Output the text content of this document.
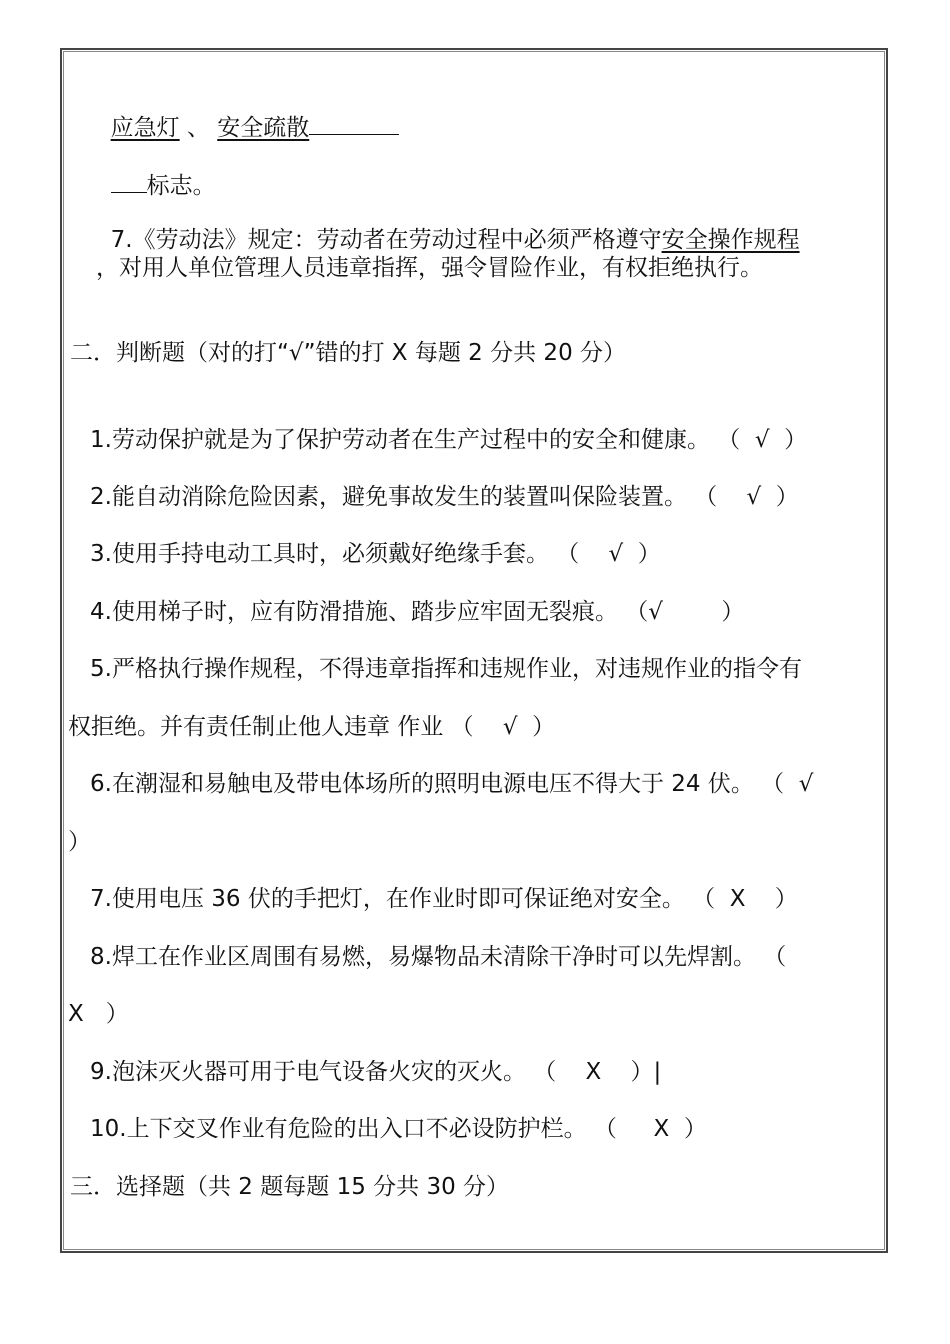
应急灯 、 安全疏散

标志。

7.《劳动法》规定：劳动者在劳动过程中必须严格遵守安全操作规程

，对用人单位管理人员违章指挥，强令冒险作业，有权拒绝执行。
二．判断题（对的打“√”错的打 X 每题 2 分共 20 分）
1.劳动保护就是为了保护劳动者在生产过程中的安全和健康。 （  √  ）
2.能自动消除危险因素，避免事故发生的装置叫保险装置。 （    √  ）
3.使用手持电动工具时，必须戴好绝缘手套。 （    √  ）
4.使用梯子时，应有防滑措施、踏步应牢固无裂痕。 （√        ）
5.严格执行操作规程，不得违章指挥和违规作业，对违规作业的指令有
权拒绝。并有责任制止他人违章 作业 （    √  ）
6.在潮湿和易触电及带电体场所的照明电源电压不得大于 24 伏。 （  √
）
7.使用电压 36 伏的手把灯，在作业时即可保证绝对安全。 （  X    ）
8.焊工在作业区周围有易燃，易爆物品未清除干净时可以先焊割。 （
X   ）
9.泡沫灭火器可用于电气设备火灾的灭火。 （    X    ）|
10.上下交叉作业有危险的出入口不必设防护栏。 （     X  ）
三．选择题（共 2 题每题 15 分共 30 分）
